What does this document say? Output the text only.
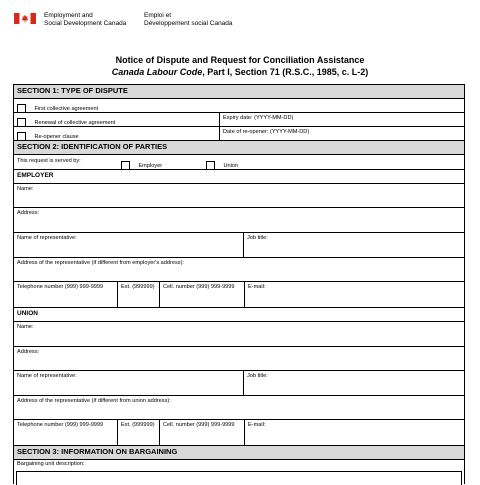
Employment and
Social Development Canada
Emploi et
Développement social Canada
Notice of Dispute and Request for Conciliation Assistance
Canada Labour Code, Part I, Section 71 (R.S.C., 1985, c. L-2)
SECTION 1: TYPE OF DISPUTE
First collective agreement
Renewal of collective agreement
Expiry date: (YYYY-MM-DD)
Re-opener clause
Date of re-opener: (YYYY-MM-DD)
SECTION 2: IDENTIFICATION OF PARTIES
This request is served by:
Employer	Union
EMPLOYER
Name:
Address:
Name of representative:	Job title:
Address of the representative (if different from employer's address):
Telephone number (999) 999-9999	Ext. (999999)	Cell. number (999) 999-9999	E-mail:
UNION
Name:
Address:
Name of representative:	Job title:
Address of the representative (if different from union address):
Telephone number (999) 999-9999	Ext. (999999)	Cell. number (999) 999-9999	E-mail:
SECTION 3: INFORMATION ON BARGAINING
Bargaining unit description:
